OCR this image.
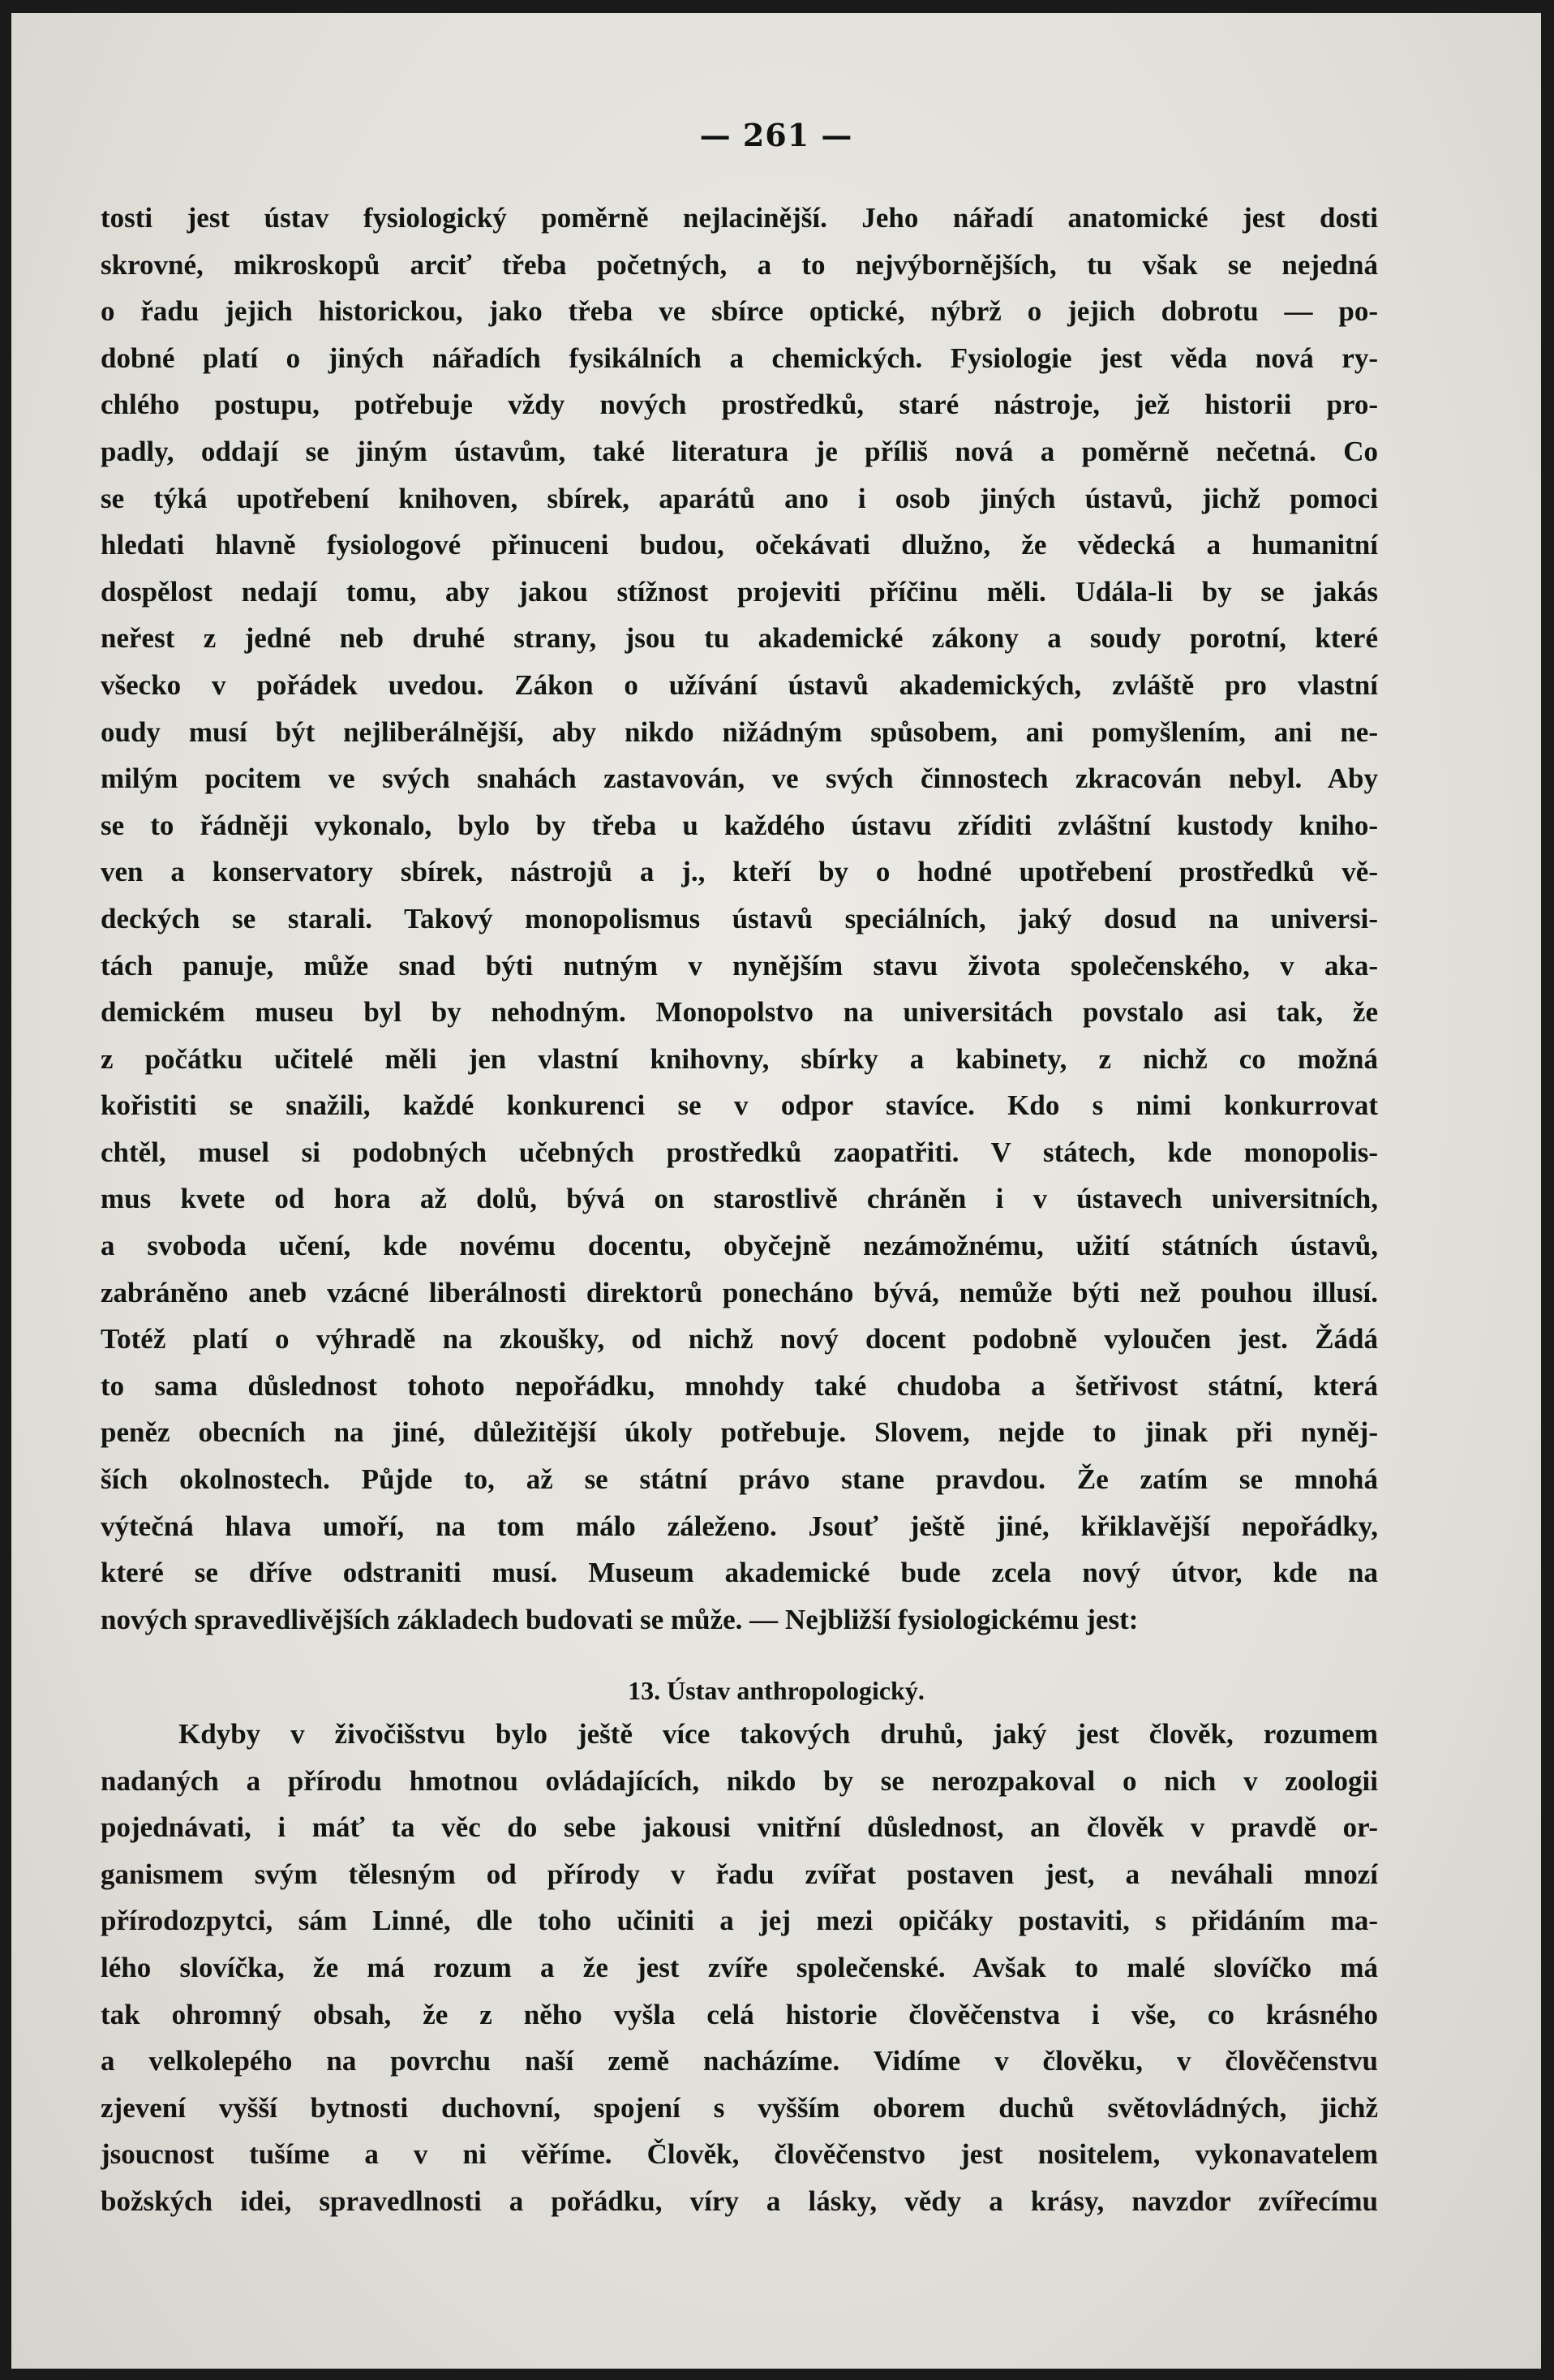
— 261 —
tosti jest ústav fysiologický poměrně nejlacinější. Jeho nářadí anatomické jest dosti
skrovné, mikroskopů arciť třeba početných, a to nejvýbornějších, tu však se nejedná
o řadu jejich historickou, jako třeba ve sbírce optické, nýbrž o jejich dobrotu — po-
dobné platí o jiných nářadích fysikálních a chemických. Fysiologie jest věda nová ry-
chlého postupu, potřebuje vždy nových prostředků, staré nástroje, jež historii pro-
padly, oddají se jiným ústavům, také literatura je příliš nová a poměrně nečetná. Co
se týká upotřebení knihoven, sbírek, aparátů ano i osob jiných ústavů, jichž pomoci
hledati hlavně fysiologové přinuceni budou, očekávati dlužno, že vědecká a humanitní
dospělost nedají tomu, aby jakou stížnost projeviti příčinu měli. Udála-li by se jakás
neřest z jedné neb druhé strany, jsou tu akademické zákony a soudy porotní, které
všecko v pořádek uvedou. Zákon o užívání ústavů akademických, zvláště pro vlastní
oudy musí být nejliberálnější, aby nikdo nižádným spůsobem, ani pomyšlením, ani ne-
milým pocitem ve svých snahách zastavován, ve svých činnostech zkracován nebyl. Aby
se to řádněji vykonalo, bylo by třeba u každého ústavu zříditi zvláštní kustody kniho-
ven a konservatory sbírek, nástrojů a j., kteří by o hodné upotřebení prostředků vě-
deckých se starali. Takový monopolismus ústavů speciálních, jaký dosud na universi-
tách panuje, může snad býti nutným v nynějším stavu života společenského, v aka-
demickém museu byl by nehodným. Monopolstvo na universitách povstalo asi tak, že
z počátku učitelé měli jen vlastní knihovny, sbírky a kabinety, z nichž co možná
kořistiti se snažili, každé konkurenci se v odpor stavíce. Kdo s nimi konkurrovat
chtěl, musel si podobných učebných prostředků zaopatřiti. V státech, kde monopolis-
mus kvete od hora až dolů, bývá on starostlivě chráněn i v ústavech universitních,
a svoboda učení, kde novému docentu, obyčejně nezámožnému, užití státních ústavů,
zabráněno aneb vzácné liberálnosti direktorů ponecháno bývá, nemůže býti než pouhou illusí.
Totéž platí o výhradě na zkoušky, od nichž nový docent podobně vyloučen jest. Žádá
to sama důslednost tohoto nepořádku, mnohdy také chudoba a šetřivost státní, která
peněz obecních na jiné, důležitější úkoly potřebuje. Slovem, nejde to jinak při nyněj-
ších okolnostech. Půjde to, až se státní právo stane pravdou. Že zatím se mnohá
výtečná hlava umoří, na tom málo záleženo. Jsouť ještě jiné, křiklavější nepořádky,
které se dříve odstraniti musí. Museum akademické bude zcela nový útvor, kde na
nových spravedlivějších základech budovati se může. — Nejbližší fysiologickému jest:
13. Ústav anthropologický.
Kdyby v živočišstvu bylo ještě více takových druhů, jaký jest člověk, rozumem
nadaných a přírodu hmotnou ovládajících, nikdo by se nerozpakoval o nich v zoologii
pojednávati, i máť ta věc do sebe jakousi vnitřní důslednost, an člověk v pravdě or-
ganismem svým tělesným od přírody v řadu zvířat postaven jest, a neváhali mnozí
přírodozpytci, sám Linné, dle toho učiniti a jej mezi opičáky postaviti, s přidáním ma-
lého slovíčka, že má rozum a že jest zvíře společenské. Avšak to malé slovíčko má
tak ohromný obsah, že z něho vyšla celá historie člověčenstva i vše, co krásného
a velkolepého na povrchu naší země nacházíme. Vidíme v člověku, v člověčenstvu
zjevení vyšší bytnosti duchovní, spojení s vyšším oborem duchů světovládných, jichž
jsoucnost tušíme a v ni věříme. Člověk, člověčenstvo jest nositelem, vykonavatelem
božských idei, spravedlnosti a pořádku, víry a lásky, vědy a krásy, navzdor zvířecímu
